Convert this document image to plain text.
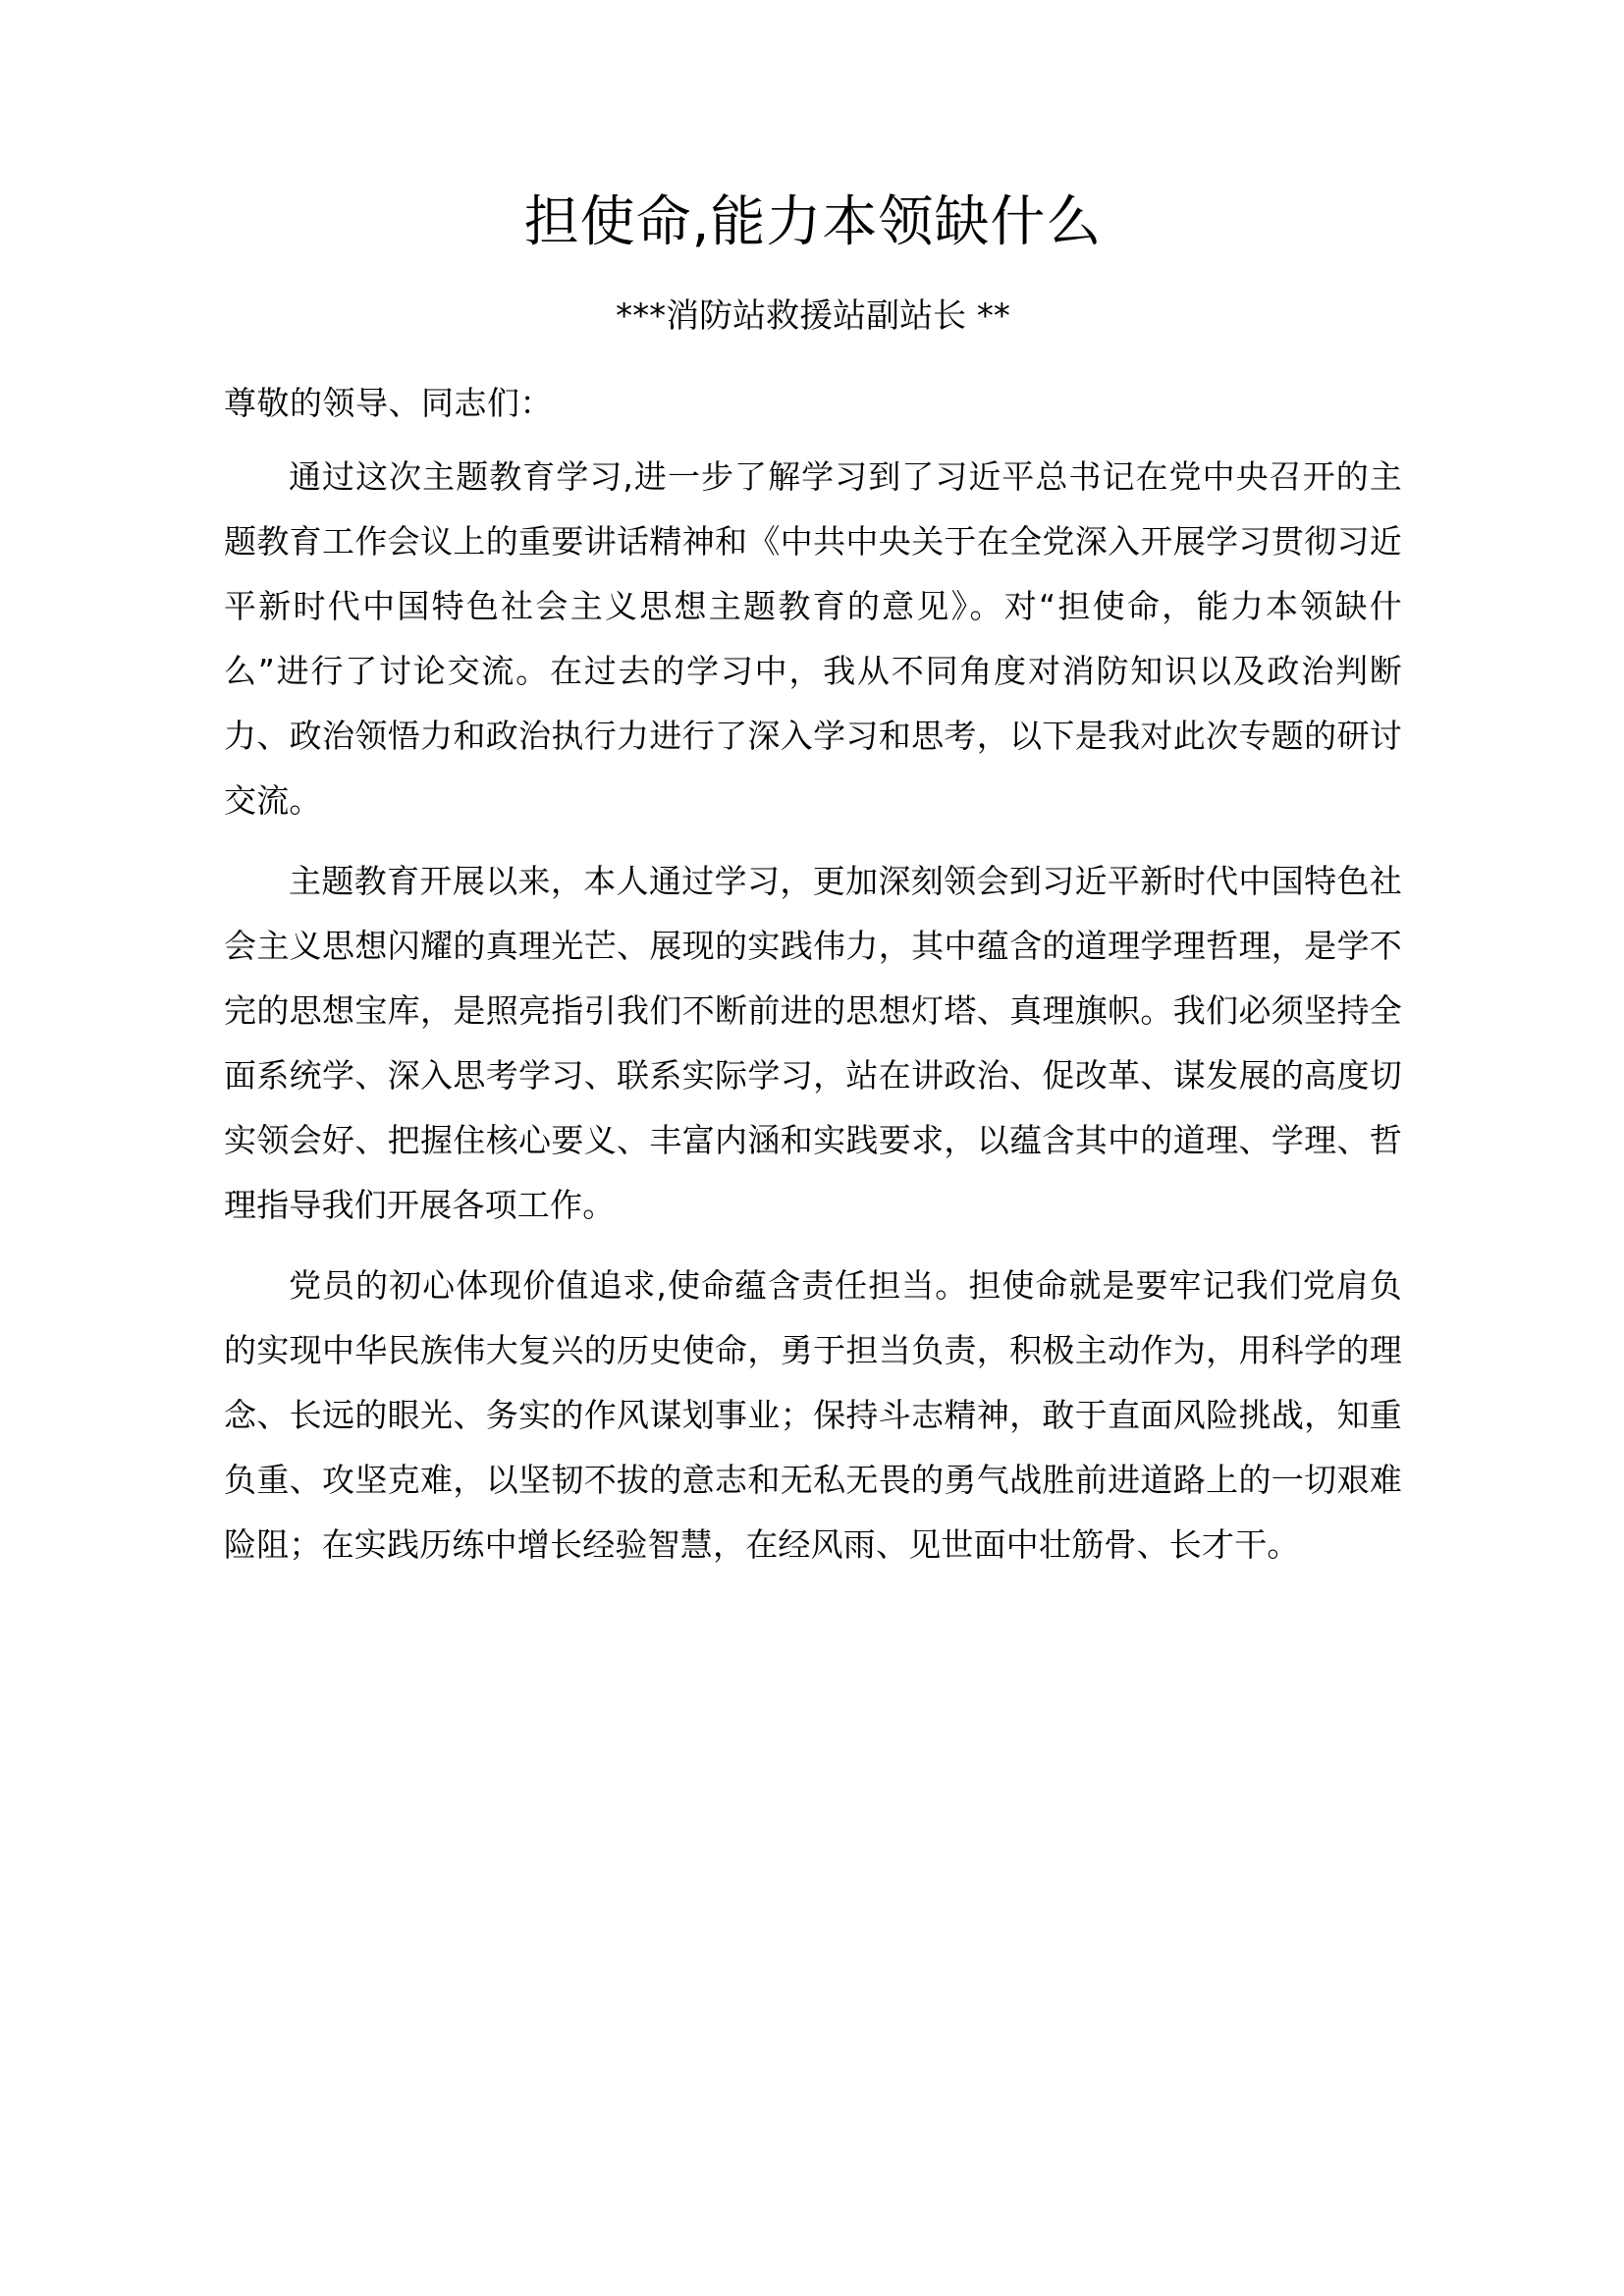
担使命,能力本领缺什么
***消防站救援站副站长 **
尊敬的领导、同志们：

通过这次主题教育学习,进一步了解学习到了习近平总书记在党中央召开的主题教育工作会议上的重要讲话精神和《中共中央关于在全党深入开展学习贯彻习近平新时代中国特色社会主义思想主题教育的意见》。对“担使命，能力本领缺什么”进行了讨论交流。在过去的学习中，我从不同角度对消防知识以及政治判断力、政治领悟力和政治执行力进行了深入学习和思考，以下是我对此次专题的研讨交流。

主题教育开展以来，本人通过学习，更加深刻领会到习近平新时代中国特色社会主义思想闪耀的真理光芒、展现的实践伟力，其中蕴含的道理学理哲理，是学不完的思想宝库，是照亮指引我们不断前进的思想灯塔、真理旗帜。我们必须坚持全面系统学、深入思考学习、联系实际学习，站在讲政治、促改革、谋发展的高度切实领会好、把握住核心要义、丰富内涵和实践要求，以蕴含其中的道理、学理、哲理指导我们开展各项工作。

党员的初心体现价值追求,使命蕴含责任担当。担使命就是要牢记我们党肩负的实现中华民族伟大复兴的历史使命，勇于担当负责，积极主动作为，用科学的理念、长远的眼光、务实的作风谋划事业；保持斗志精神，敢于直面风险挑战，知重负重、攻坚克难，以坚韧不拔的意志和无私无畏的勇气战胜前进道路上的一切艰难险阻；在实践历练中增长经验智慧，在经风雨、见世面中壮筋骨、长才干。
